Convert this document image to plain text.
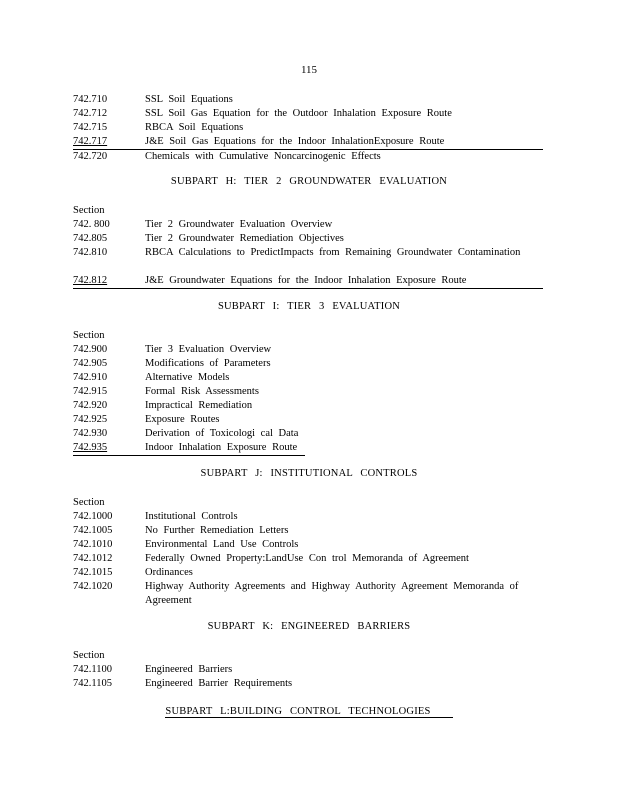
115
742.710	SSL Soil Equations
742.712	SSL Soil Gas Equation for the Outdoor Inhalation Exposure Route
742.715	RBCA Soil Equations
742.717	J&E Soil Gas Equations for the Indoor InhalationExposure Route
742.720	Chemicals with Cumulative Noncarcinogenic Effects
SUBPART H: TIER 2 GROUNDWATER EVALUATION
Section
742. 800	Tier 2 Groundwater Evaluation Overview
742.805	Tier 2 Groundwater Remediation Objectives
742.810	RBCA Calculations to PredictImpacts from Remaining Groundwater Contamination
742.812	J&E Groundwater Equations for the Indoor Inhalation Exposure Route
SUBPART I: TIER 3 EVALUATION
Section
742.900	Tier 3 Evaluation Overview
742.905	Modifications of Parameters
742.910	Alternative Models
742.915	Formal Risk Assessments
742.920	Impractical Remediation
742.925	Exposure Routes
742.930	Derivation of Toxicologi cal Data
742.935	Indoor Inhalation Exposure Route
SUBPART J: INSTITUTIONAL CONTROLS
Section
742.1000	Institutional Controls
742.1005	No Further Remediation Letters
742.1010	Environmental Land Use Controls
742.1012	Federally Owned Property:LandUse Con trol Memoranda of Agreement
742.1015	Ordinances
742.1020	Highway Authority Agreements and Highway Authority Agreement Memoranda of Agreement
SUBPART K: ENGINEERED BARRIERS
Section
742.1100	Engineered Barriers
742.1105	Engineered Barrier Requirements
SUBPART L:BUILDING CONTROL TECHNOLOGIES
